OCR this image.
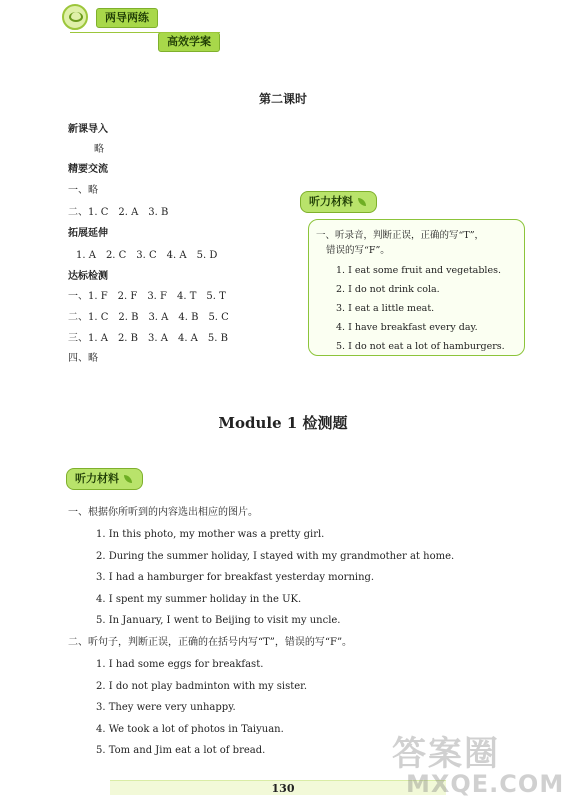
两导两练
高效学案
第二课时
新课导入
略
精要交流
一、略
二、1. C　2. A　3. B
拓展延伸
1. A　2. C　3. C　4. A　5. D
达标检测
一、1. F　2. F　3. F　4. T　5. T
二、1. C　2. B　3. A　4. B　5. C
三、1. A　2. B　3. A　4. A　5. B
四、略
听力材料
一、听录音，判断正误，正确的写“T”，
错误的写“F”。
1. I eat some fruit and vegetables.
2. I do not drink cola.
3. I eat a little meat.
4. I have breakfast every day.
5. I do not eat a lot of hamburgers.
Module 1 检测题
听力材料
一、根据你所听到的内容选出相应的图片。
1. In this photo, my mother was a pretty girl.
2. During the summer holiday, I stayed with my grandmother at home.
3. I had a hamburger for breakfast yesterday morning.
4. I spent my summer holiday in the UK.
5. In January, I went to Beijing to visit my uncle.
二、听句子，判断正误，正确的在括号内写“T”，错误的写“F”。
1. I had some eggs for breakfast.
2. I do not play badminton with my sister.
3. They were very unhappy.
4. We took a lot of photos in Taiyuan.
5. Tom and Jim eat a lot of bread.
130
答案圈
MXQE.COM
